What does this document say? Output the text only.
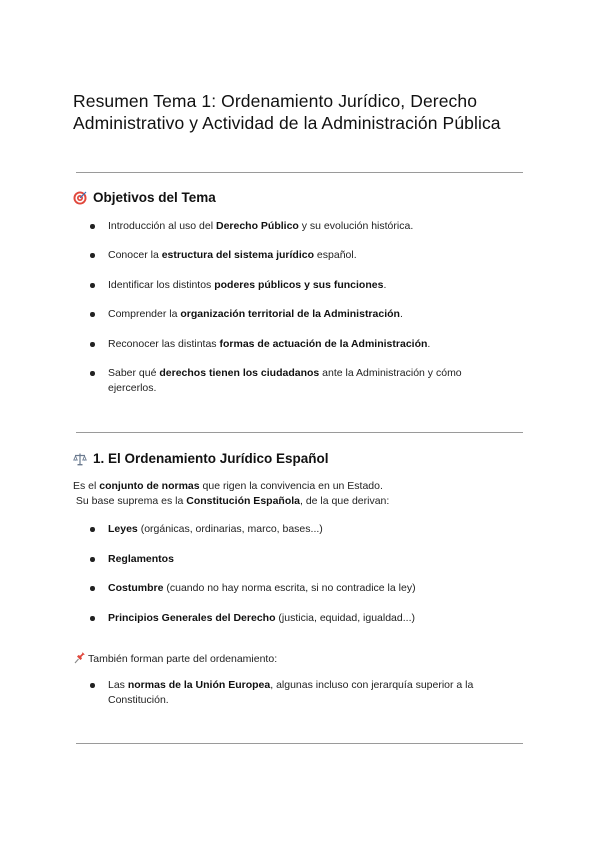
Resumen Tema 1: Ordenamiento Jurídico, Derecho Administrativo y Actividad de la Administración Pública
Objetivos del Tema
Introducción al uso del Derecho Público y su evolución histórica.
Conocer la estructura del sistema jurídico español.
Identificar los distintos poderes públicos y sus funciones.
Comprender la organización territorial de la Administración.
Reconocer las distintas formas de actuación de la Administración.
Saber qué derechos tienen los ciudadanos ante la Administración y cómo ejercerlos.
1. El Ordenamiento Jurídico Español
Es el conjunto de normas que rigen la convivencia en un Estado.
Su base suprema es la Constitución Española, de la que derivan:
Leyes (orgánicas, ordinarias, marco, bases...)
Reglamentos
Costumbre (cuando no hay norma escrita, si no contradice la ley)
Principios Generales del Derecho (justicia, equidad, igualdad...)
También forman parte del ordenamiento:
Las normas de la Unión Europea, algunas incluso con jerarquía superior a la Constitución.
